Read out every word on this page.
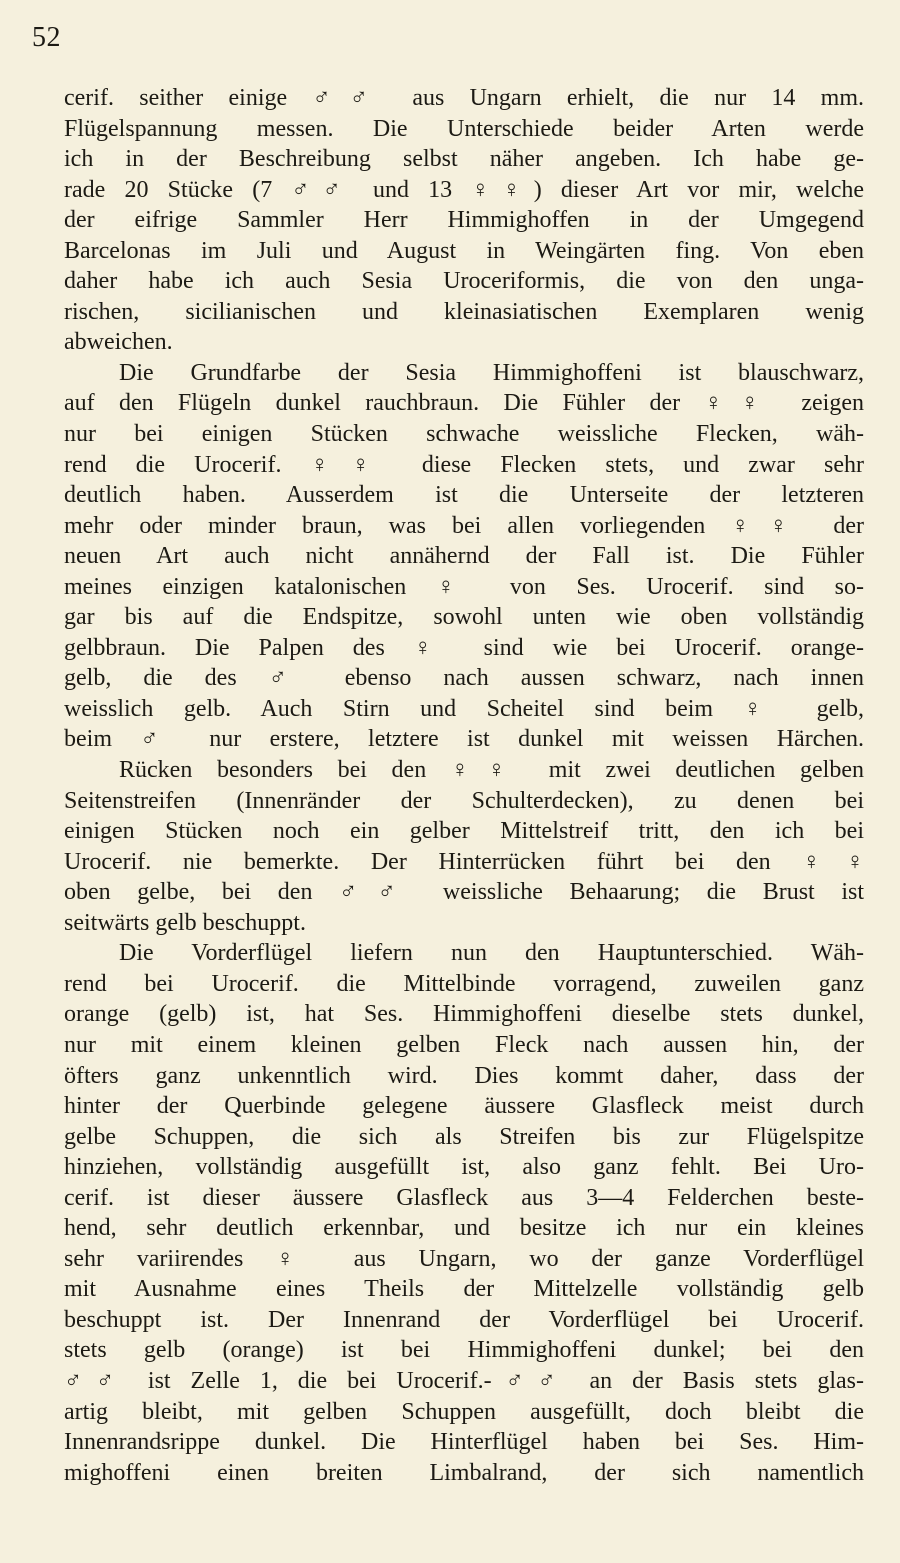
52
cerif. seither einige ♂♂ aus Ungarn erhielt, die nur 14 mm.
Flügelspannung messen. Die Unterschiede beider Arten werde
ich in der Beschreibung selbst näher angeben. Ich habe ge-
rade 20 Stücke (7 ♂♂ und 13 ♀♀) dieser Art vor mir, welche
der eifrige Sammler Herr Himmighoffen in der Umgegend
Barcelonas im Juli und August in Weingärten fing. Von eben
daher habe ich auch Sesia Uroceriformis, die von den unga-
rischen, sicilianischen und kleinasiatischen Exemplaren wenig
abweichen.
Die Grundfarbe der Sesia Himmighoffeni ist blauschwarz,
auf den Flügeln dunkel rauchbraun. Die Fühler der ♀♀ zeigen
nur bei einigen Stücken schwache weissliche Flecken, wäh-
rend die Urocerif. ♀♀ diese Flecken stets, und zwar sehr
deutlich haben. Ausserdem ist die Unterseite der letzteren
mehr oder minder braun, was bei allen vorliegenden ♀♀ der
neuen Art auch nicht annähernd der Fall ist. Die Fühler
meines einzigen katalonischen ♀ von Ses. Urocerif. sind so-
gar bis auf die Endspitze, sowohl unten wie oben vollständig
gelbbraun. Die Palpen des ♀ sind wie bei Urocerif. orange-
gelb, die des ♂ ebenso nach aussen schwarz, nach innen
weisslich gelb. Auch Stirn und Scheitel sind beim ♀ gelb,
beim ♂ nur erstere, letztere ist dunkel mit weissen Härchen.
Rücken besonders bei den ♀♀ mit zwei deutlichen gelben
Seitenstreifen (Innenränder der Schulterdecken), zu denen bei
einigen Stücken noch ein gelber Mittelstreif tritt, den ich bei
Urocerif. nie bemerkte. Der Hinterrücken führt bei den ♀♀
oben gelbe, bei den ♂♂ weissliche Behaarung; die Brust ist
seitwärts gelb beschuppt.
Die Vorderflügel liefern nun den Hauptunterschied. Wäh-
rend bei Urocerif. die Mittelbinde vorragend, zuweilen ganz
orange (gelb) ist, hat Ses. Himmighoffeni dieselbe stets dunkel,
nur mit einem kleinen gelben Fleck nach aussen hin, der
öfters ganz unkenntlich wird. Dies kommt daher, dass der
hinter der Querbinde gelegene äussere Glasfleck meist durch
gelbe Schuppen, die sich als Streifen bis zur Flügelspitze
hinziehen, vollständig ausgefüllt ist, also ganz fehlt. Bei Uro-
cerif. ist dieser äussere Glasfleck aus 3—4 Felderchen beste-
hend, sehr deutlich erkennbar, und besitze ich nur ein kleines
sehr variirendes ♀ aus Ungarn, wo der ganze Vorderflügel
mit Ausnahme eines Theils der Mittelzelle vollständig gelb
beschuppt ist. Der Innenrand der Vorderflügel bei Urocerif.
stets gelb (orange) ist bei Himmighoffeni dunkel; bei den
♂♂ ist Zelle 1, die bei Urocerif.-♂♂ an der Basis stets glas-
artig bleibt, mit gelben Schuppen ausgefüllt, doch bleibt die
Innenrandsrippe dunkel. Die Hinterflügel haben bei Ses. Him-
mighoffeni einen breiten Limbalrand, der sich namentlich
